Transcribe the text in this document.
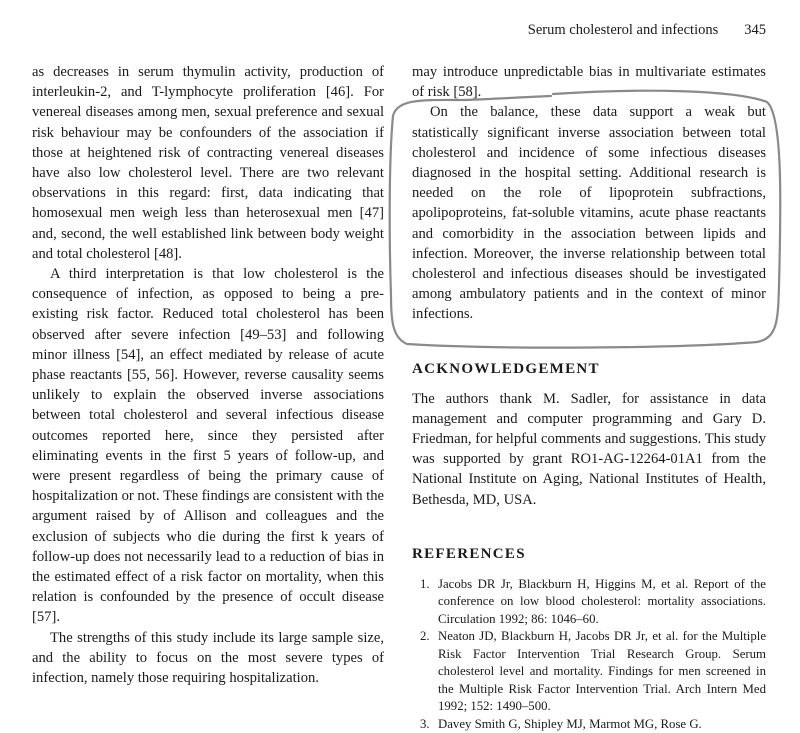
Serum cholesterol and infections 345

as decreases in serum thymulin activity, production of interleukin-2, and T-lymphocyte proliferation [46]. For venereal diseases among men, sexual preference and sexual risk behaviour may be confounders of the association if those at heightened risk of contracting venereal diseases have also low cholesterol level. There are two relevant observations in this regard: first, data indicating that homosexual men weigh less than heterosexual men [47] and, second, the well established link between body weight and total cholesterol [48].

A third interpretation is that low cholesterol is the consequence of infection, as opposed to being a pre-existing risk factor. Reduced total cholesterol has been observed after severe infection [49–53] and following minor illness [54], an effect mediated by release of acute phase reactants [55, 56]. However, reverse causality seems unlikely to explain the observed inverse associations between total cholesterol and several infectious disease outcomes reported here, since they persisted after eliminating events in the first 5 years of follow-up, and were present regardless of being the primary cause of hospitalization or not. These findings are consistent with the argument raised by of Allison and colleagues and the exclusion of subjects who die during the first k years of follow-up does not necessarily lead to a reduction of bias in the estimated effect of a risk factor on mortality, when this relation is confounded by the presence of occult disease [57].

The strengths of this study include its large sample size, and the ability to focus on the most severe types of infection, namely those requiring hospitalization.

may introduce unpredictable bias in multivariate estimates of risk [58].

On the balance, these data support a weak but statistically significant inverse association between total cholesterol and incidence of some infectious diseases diagnosed in the hospital setting. Additional research is needed on the role of lipoprotein subfractions, apolipoproteins, fat-soluble vitamins, acute phase reactants and comorbidity in the association between lipids and infection. Moreover, the inverse relationship between total cholesterol and infectious diseases should be investigated among ambulatory patients and in the context of minor infections.

ACKNOWLEDGEMENT

The authors thank M. Sadler, for assistance in data management and computer programming and Gary D. Friedman, for helpful comments and suggestions. This study was supported by grant RO1-AG-12264-01A1 from the National Institute on Aging, National Institutes of Health, Bethesda, MD, USA.

REFERENCES
1. Jacobs DR Jr, Blackburn H, Higgins M, et al. Report of the conference on low blood cholesterol: mortality associations. Circulation 1992; 86: 1046–60.
2. Neaton JD, Blackburn H, Jacobs DR Jr, et al. for the Multiple Risk Factor Intervention Trial Research Group. Serum cholesterol level and mortality. Findings for men screened in the Multiple Risk Factor Intervention Trial. Arch Intern Med 1992; 152: 1490–500.
3. Davey Smith G, Shipley MJ, Marmot MG, Rose G.
